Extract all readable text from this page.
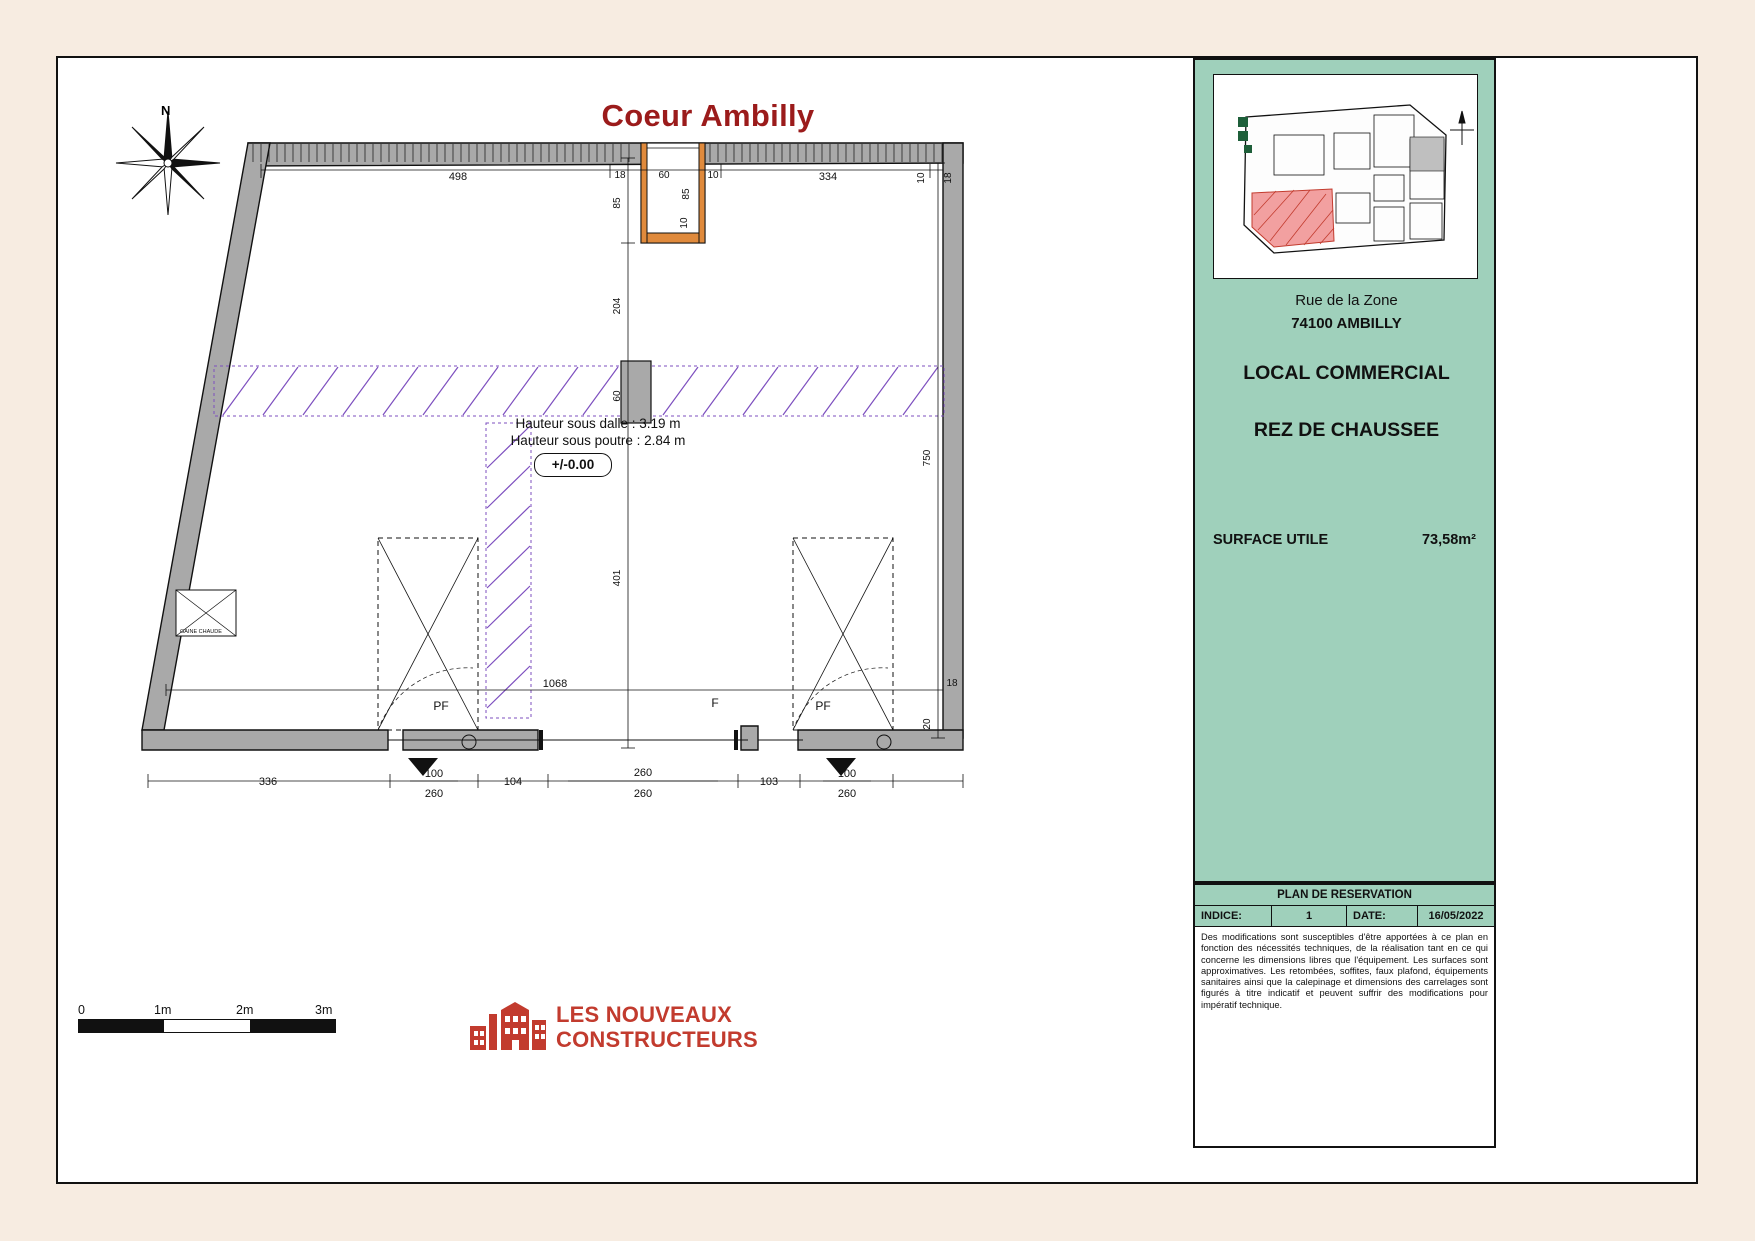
N	Coeur Ambilly
GAINE CHAUDE
498	18	60
85
10
10	334	10 18
85
204
60
401
750
18
20
1068
336
100
260
104
260
260
103
100
260
PF	PF
F
Hauteur sous dalle : 3.19 m
Hauteur sous poutre : 2.84 m
+/-0.00
Rue de la Zone
74100 AMBILLY
LOCAL COMMERCIAL
REZ DE CHAUSSEE
SURFACE UTILE	73,58m²
PLAN DE RESERVATION
INDICE:	1	DATE:	16/05/2022
Des modifications sont susceptibles d'être apportées à ce plan en fonction des nécessités techniques, de la réalisation tant en ce qui concerne les dimensions libres que l'équipement. Les surfaces sont approximatives. Les retombées, soffites, faux plafond, équipements sanitaires ainsi que la calepinage et dimensions des carrelages sont figurés à titre indicatif et peuvent suffrir des modifications pour impératif technique.
0	1m	2m	3m	LES NOUVEAUX
CONSTRUCTEURS
